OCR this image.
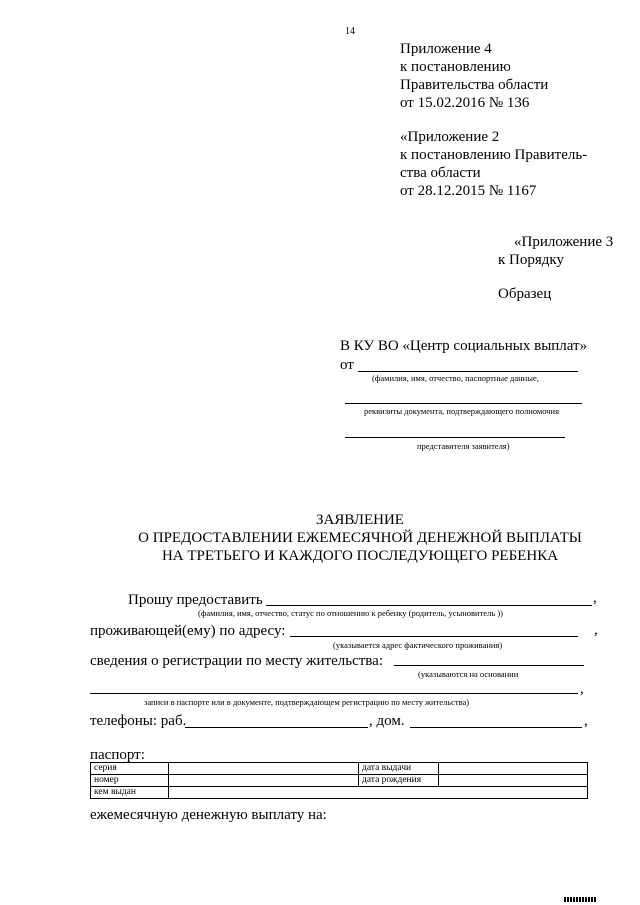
14
Приложение 4
к постановлению
Правительства области
от 15.02.2016 № 136
«Приложение 2
к постановлению Правитель-
ства области
от 28.12.2015 № 1167
«Приложение 3
к Порядку
Образец
В КУ ВО «Центр социальных выплат»
от
(фамилия, имя, отчество, паспортные данные,
реквизиты документа, подтверждающего полномочия
представителя заявителя)
ЗАЯВЛЕНИЕ
О ПРЕДОСТАВЛЕНИИ ЕЖЕМЕСЯЧНОЙ ДЕНЕЖНОЙ ВЫПЛАТЫ
НА ТРЕТЬЕГО И КАЖДОГО ПОСЛЕДУЮЩЕГО РЕБЕНКА
Прошу предоставить	,
(фамилия, имя, отчество, статус по отношению к ребенку (родитель, усыновитель ))
проживающей(ему) по адресу:	,
(указывается адрес фактического проживания)
сведения о регистрации по месту жительства:
(указываются на основании
,
записи в паспорте или в документе, подтверждающем регистрацию по месту жительства)
телефоны: раб.	, дом.	,
паспорт:
серия		дата выдачи	
номер		дата рождения	
кем выдан			
ежемесячную денежную выплату на:
